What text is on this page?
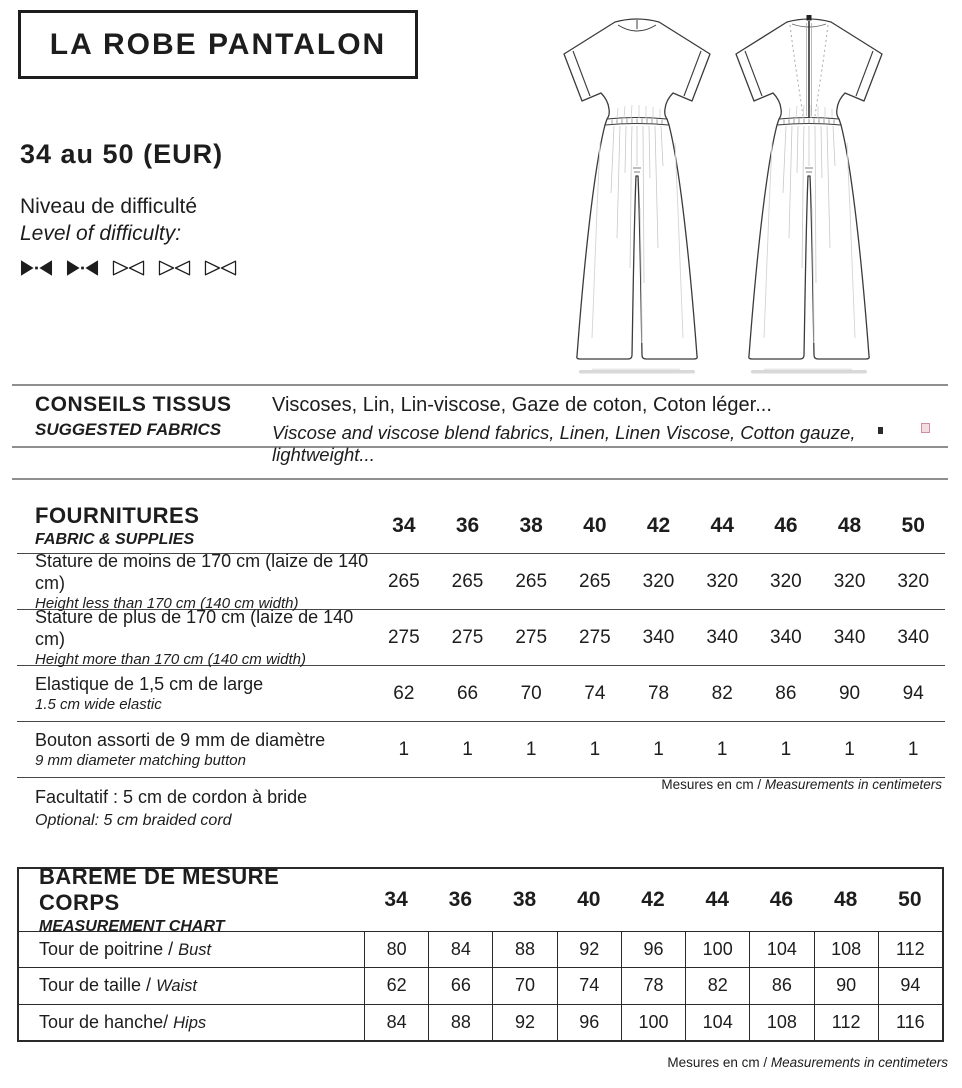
LA ROBE PANTALON
34 au 50 (EUR)
Niveau de difficulté
Level of difficulty:
CONSEILS TISSUS
SUGGESTED FABRICS
Viscoses, Lin, Lin-viscose, Gaze de coton, Coton léger...
Viscose and viscose blend fabrics, Linen, Linen Viscose, Cotton gauze, lightweight...
FOURNITURES
FABRIC & SUPPLIES
34	36	38	40	42	44	46	48	50
Stature de moins de 170 cm (laize de 140 cm)
Height less than 170 cm (140 cm width)
265	265	265	265	320	320	320	320	320
Stature de plus de 170 cm (laize de 140 cm)
Height more than 170 cm (140 cm width)
275	275	275	275	340	340	340	340	340
Elastique de 1,5 cm de large
1.5 cm wide elastic
62	66	70	74	78	82	86	90	94
Bouton assorti de 9 mm de diamètre
9 mm diameter matching button
1	1	1	1	1	1	1	1	1
Mesures en cm / Measurements in centimeters
Facultatif : 5 cm de cordon à bride
Optional: 5 cm braided cord
BAREME DE MESURE CORPS
MEASUREMENT CHART
34	36	38	40	42	44	46	48	50
Tour de poitrine / Bust	80	84	88	92	96	100	104	108	112
Tour de taille / Waist	62	66	70	74	78	82	86	90	94
Tour de hanche/ Hips	84	88	92	96	100	104	108	112	116
Mesures en cm / Measurements in centimeters
